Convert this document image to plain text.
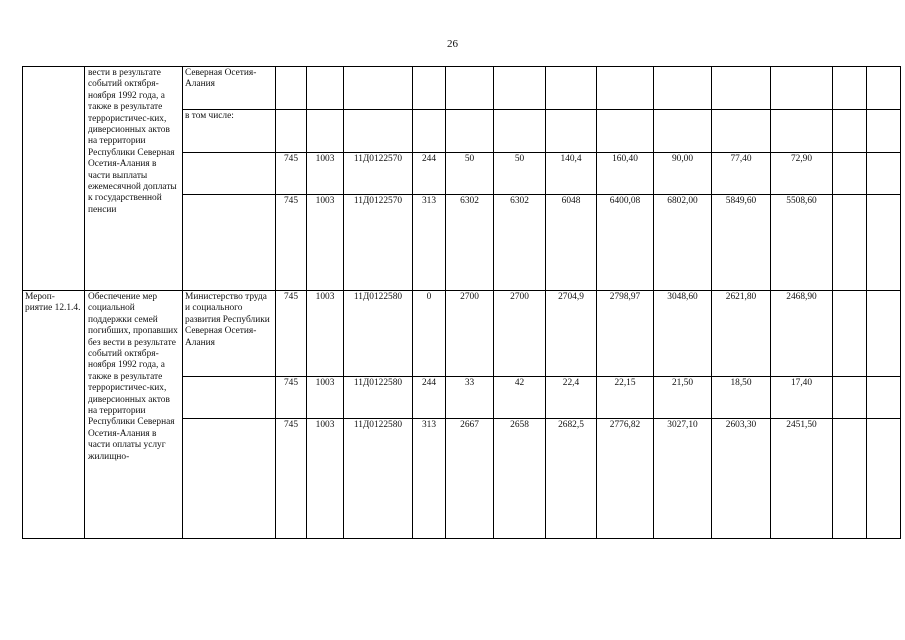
26
	вести в результате событий октября-ноября 1992 года, а также в результате террористичес-ких, диверсионных актов на территории Республики Северная Осетия-Алания в части выплаты ежемесячной доплаты к государственной пенсии	Северная Осетия-Алания													
		в том числе:													
			745	1003	11Д0122570	244	50	50	140,4	160,40	90,00	77,40	72,90		
			745	1003	11Д0122570	313	6302	6302	6048	6400,08	6802,00	5849,60	5508,60		
Мероп-риятие 12.1.4.	Обеспечение мер социальной поддержки семей погибших, пропавших без вести в результате событий октября-ноября 1992 года, а также в результате террористичес-ких, диверсионных актов на территории Республики Северная Осетия-Алания в части оплаты услуг жилищно-	Министерство труда и социального развития Республики Северная Осетия-Алания	745	1003	11Д0122580	0	2700	2700	2704,9	2798,97	3048,60	2621,80	2468,90		
			745	1003	11Д0122580	244	33	42	22,4	22,15	21,50	18,50	17,40		
			745	1003	11Д0122580	313	2667	2658	2682,5	2776,82	3027,10	2603,30	2451,50		
